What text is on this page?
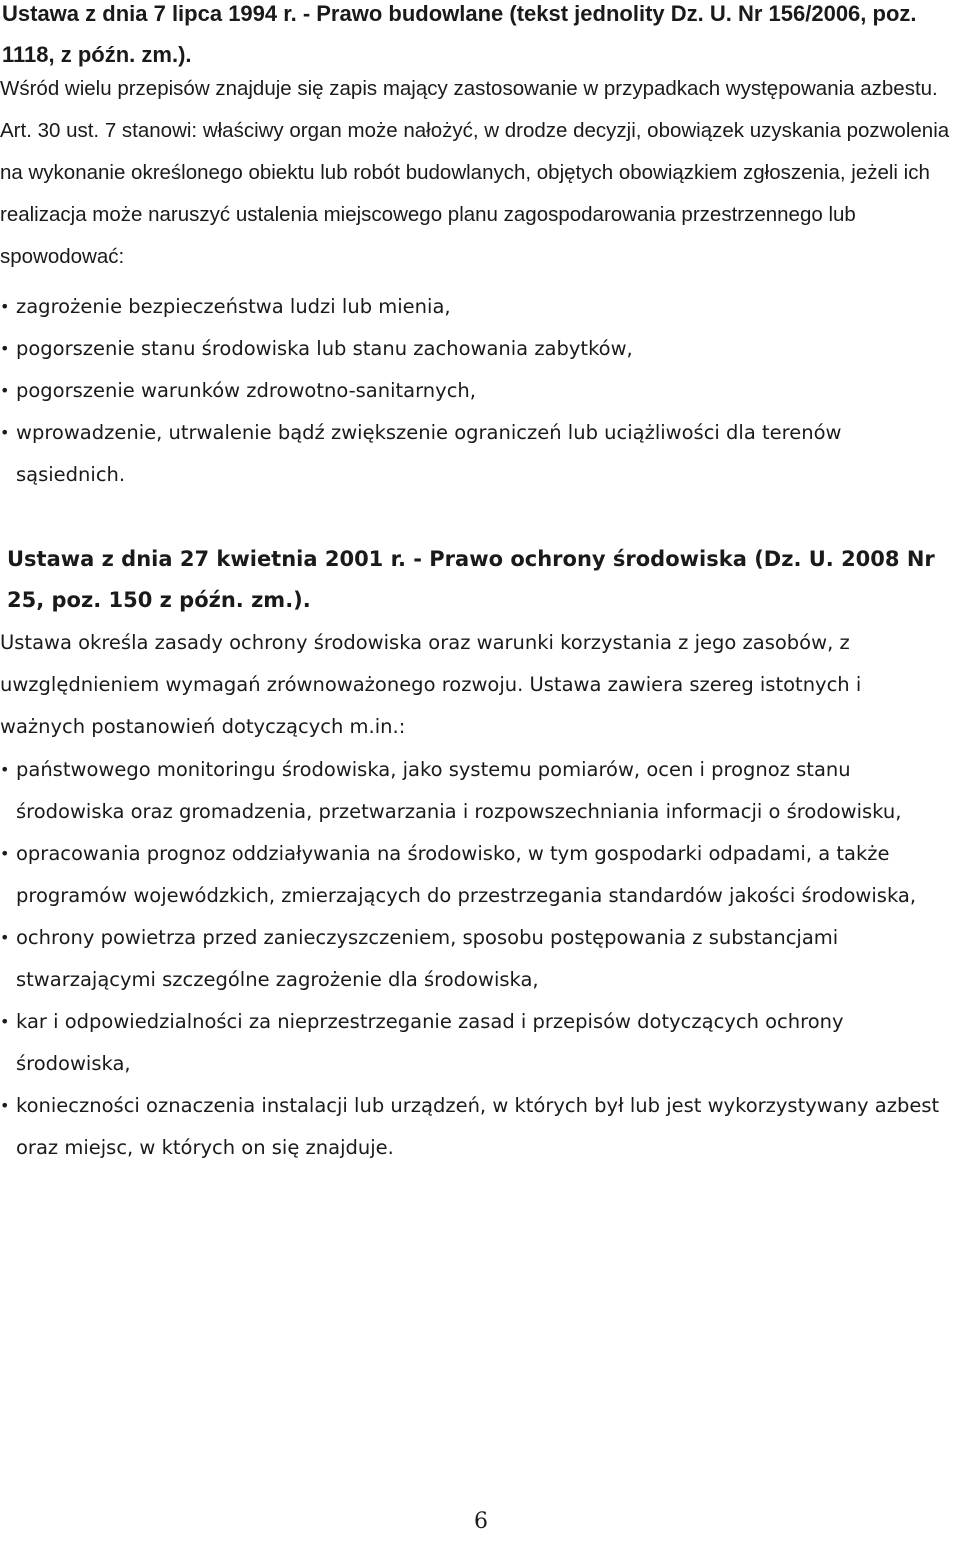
Ustawa z dnia 7 lipca 1994 r. - Prawo budowlane (tekst jednolity Dz. U. Nr 156/2006, poz. 1118, z późn. zm.).

Wśród wielu przepisów znajduje się zapis mający zastosowanie w przypadkach występowania azbestu. Art. 30 ust. 7 stanowi: właściwy organ może nałożyć, w drodze decyzji, obowiązek uzyskania pozwolenia na wykonanie określonego obiektu lub robót budowlanych, objętych obowiązkiem zgłoszenia, jeżeli ich realizacja może naruszyć ustalenia miejscowego planu zagospodarowania przestrzennego lub spowodować:

• zagrożenie bezpieczeństwa ludzi lub mienia,
• pogorszenie stanu środowiska lub stanu zachowania zabytków,
• pogorszenie warunków zdrowotno-sanitarnych,
• wprowadzenie, utrwalenie bądź zwiększenie ograniczeń lub uciążliwości dla terenów sąsiednich.
Ustawa z dnia 27 kwietnia 2001 r. - Prawo ochrony środowiska (Dz. U. 2008 Nr 25, poz. 150 z późn. zm.).

Ustawa określa zasady ochrony środowiska oraz warunki korzystania z jego zasobów, z uwzględnieniem wymagań zrównoważonego rozwoju. Ustawa zawiera szereg istotnych i ważnych postanowień dotyczących m.in.:

• państwowego monitoringu środowiska, jako systemu pomiarów, ocen i prognoz stanu środowiska oraz gromadzenia, przetwarzania i rozpowszechniania informacji o środowisku,
• opracowania prognoz oddziaływania na środowisko, w tym gospodarki odpadami, a także programów wojewódzkich, zmierzających do przestrzegania standardów jakości środowiska,
• ochrony powietrza przed zanieczyszczeniem, sposobu postępowania z substancjami stwarzającymi szczególne zagrożenie dla środowiska,
• kar i odpowiedzialności za nieprzestrzeganie zasad i przepisów dotyczących ochrony środowiska,
• konieczności oznaczenia instalacji lub urządzeń, w których był lub jest wykorzystywany azbest oraz miejsc, w których on się znajduje.
6
